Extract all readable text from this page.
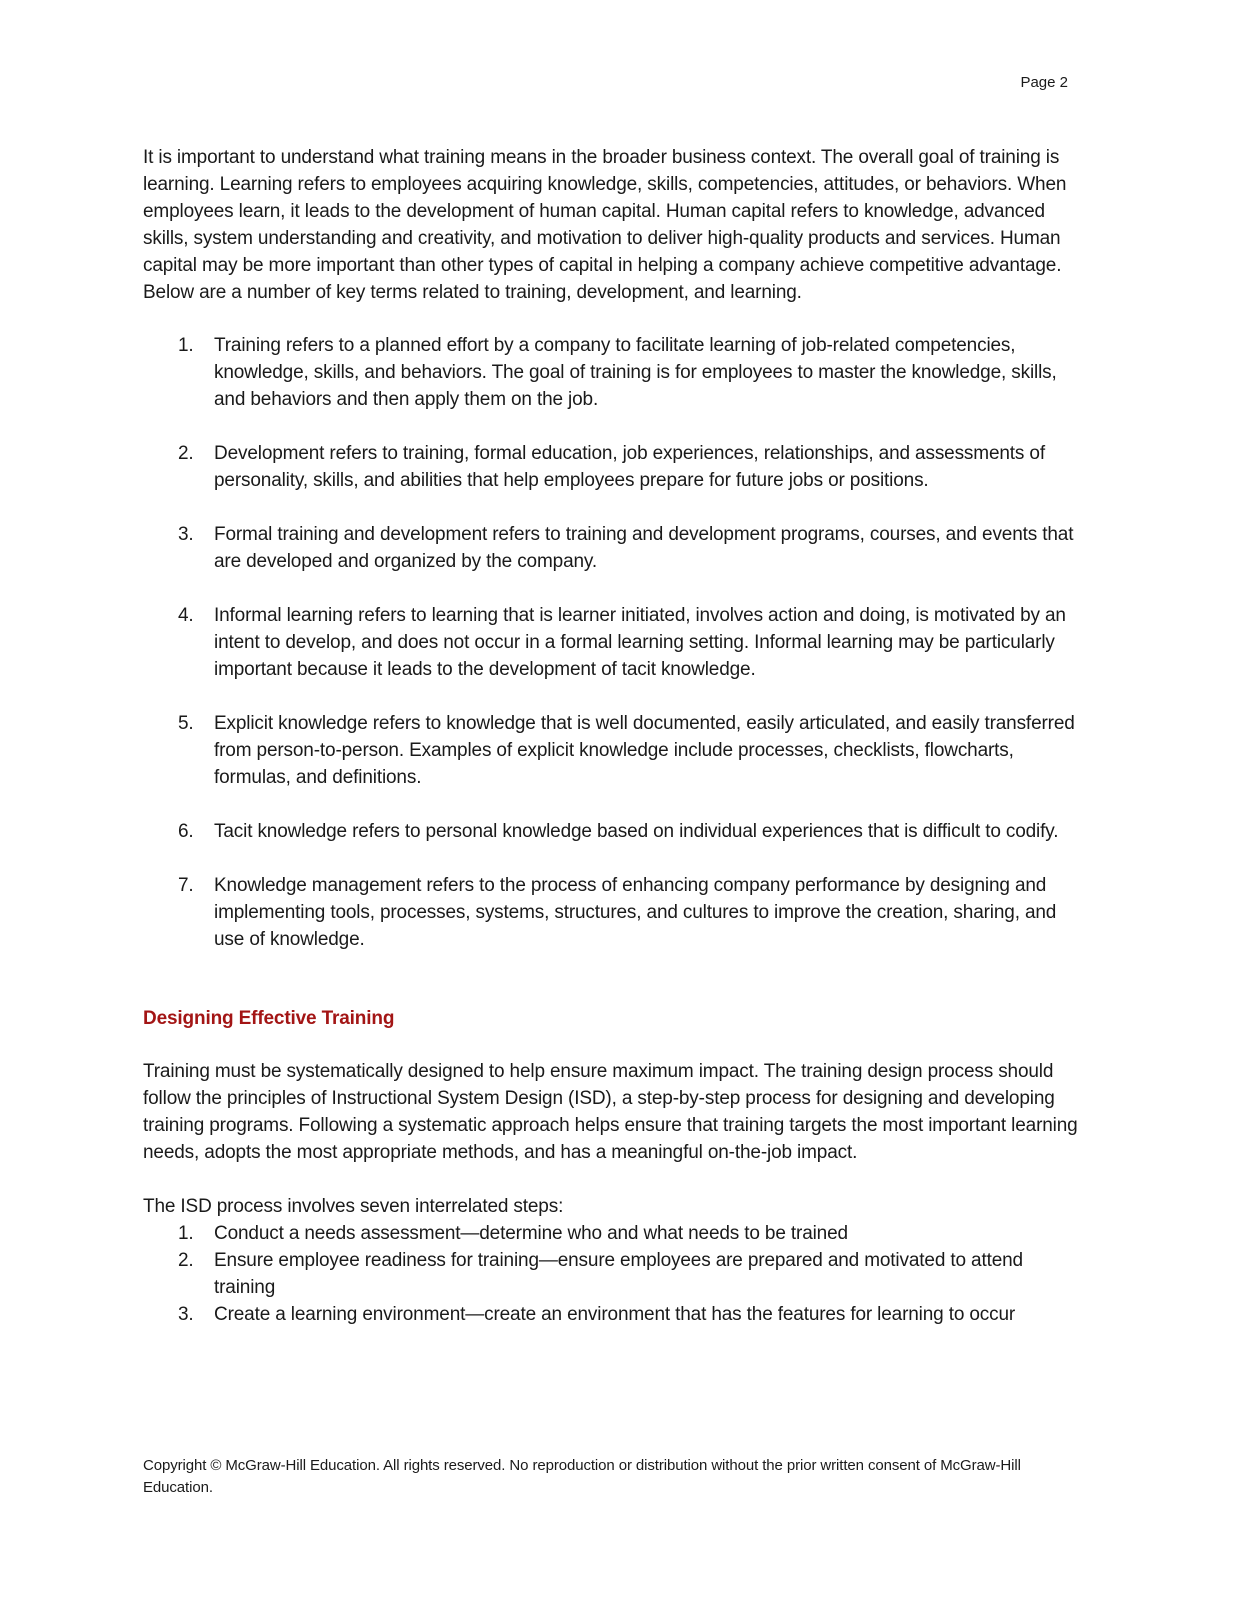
Page 2

It is important to understand what training means in the broader business context. The overall goal of training is learning. Learning refers to employees acquiring knowledge, skills, competencies, attitudes, or behaviors. When employees learn, it leads to the development of human capital. Human capital refers to knowledge, advanced skills, system understanding and creativity, and motivation to deliver high-quality products and services. Human capital may be more important than other types of capital in helping a company achieve competitive advantage. Below are a number of key terms related to training, development, and learning.

1. Training refers to a planned effort by a company to facilitate learning of job-related competencies, knowledge, skills, and behaviors. The goal of training is for employees to master the knowledge, skills, and behaviors and then apply them on the job.
2. Development refers to training, formal education, job experiences, relationships, and assessments of personality, skills, and abilities that help employees prepare for future jobs or positions.
3. Formal training and development refers to training and development programs, courses, and events that are developed and organized by the company.
4. Informal learning refers to learning that is learner initiated, involves action and doing, is motivated by an intent to develop, and does not occur in a formal learning setting. Informal learning may be particularly important because it leads to the development of tacit knowledge.
5. Explicit knowledge refers to knowledge that is well documented, easily articulated, and easily transferred from person-to-person. Examples of explicit knowledge include processes, checklists, flowcharts, formulas, and definitions.
6. Tacit knowledge refers to personal knowledge based on individual experiences that is difficult to codify.
7. Knowledge management refers to the process of enhancing company performance by designing and implementing tools, processes, systems, structures, and cultures to improve the creation, sharing, and use of knowledge.
Designing Effective Training

Training must be systematically designed to help ensure maximum impact. The training design process should follow the principles of Instructional System Design (ISD), a step-by-step process for designing and developing training programs. Following a systematic approach helps ensure that training targets the most important learning needs, adopts the most appropriate methods, and has a meaningful on-the-job impact.

The ISD process involves seven interrelated steps:

1. Conduct a needs assessment—determine who and what needs to be trained
2. Ensure employee readiness for training—ensure employees are prepared and motivated to attend training
3. Create a learning environment—create an environment that has the features for learning to occur
Copyright © McGraw-Hill Education. All rights reserved. No reproduction or distribution without the prior written consent of McGraw-Hill Education.
